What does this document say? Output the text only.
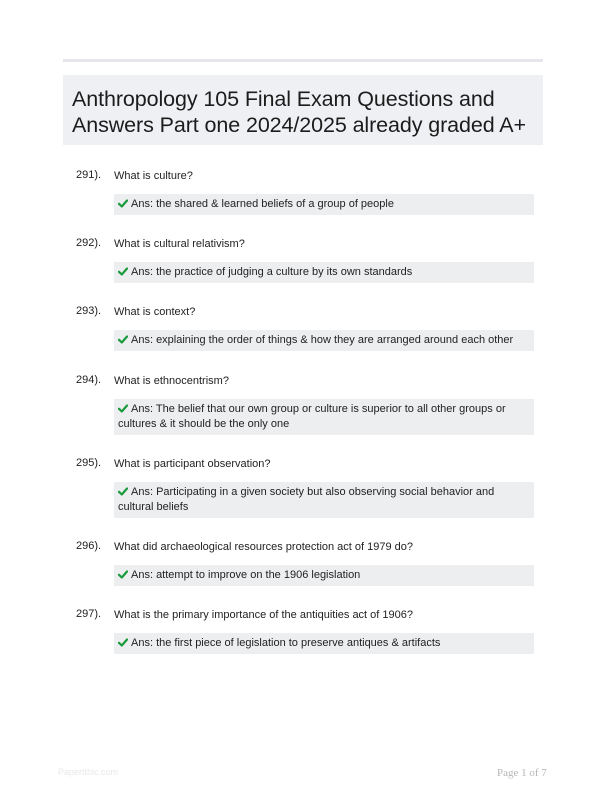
Anthropology 105 Final Exam Questions and Answers Part one 2024/2025 already graded A+
291). What is culture?
Ans: the shared & learned beliefs of a group of people
292). What is cultural relativism?
Ans: the practice of judging a culture by its own standards
293). What is context?
Ans: explaining the order of things & how they are arranged around each other
294). What is ethnocentrism?
Ans: The belief that our own group or culture is superior to all other groups or cultures & it should be the only one
295). What is participant observation?
Ans: Participating in a given society but also observing social behavior and cultural beliefs
296). What did archaeological resources protection act of 1979 do?
Ans: attempt to improve on the 1906 legislation
297). What is the primary importance of the antiquities act of 1906?
Ans: the first piece of legislation to preserve antiques & artifacts
Paperttbic.com	Page 1 of 7
